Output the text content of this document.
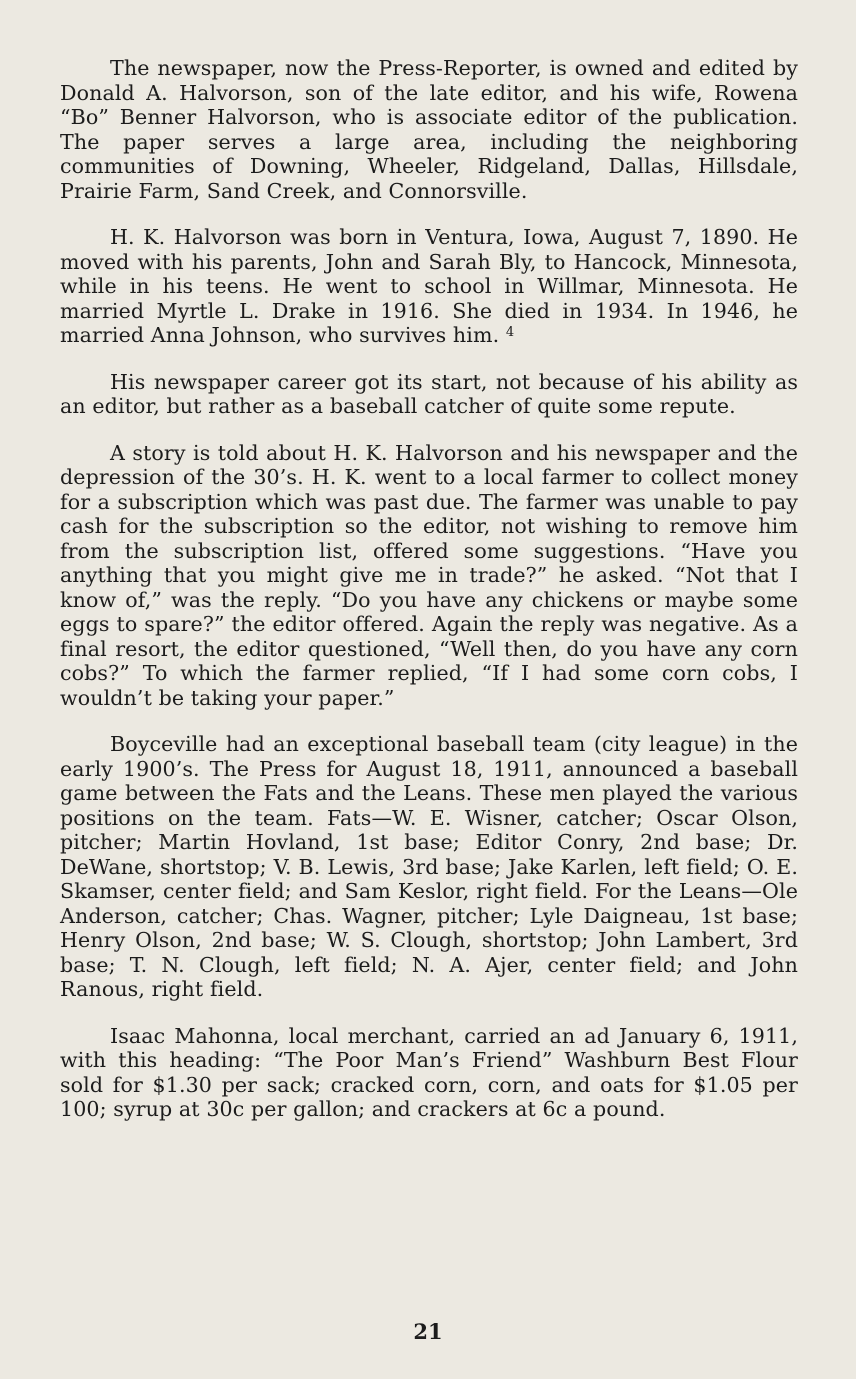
The newspaper, now the Press-Reporter, is owned and edited by Donald A. Halvorson, son of the late editor, and his wife, Rowena “Bo” Benner Halvorson, who is associate editor of the publication. The paper serves a large area, including the neighboring communities of Downing, Wheeler, Ridgeland, Dallas, Hillsdale, Prairie Farm, Sand Creek, and Connorsville.

H. K. Halvorson was born in Ventura, Iowa, August 7, 1890. He moved with his parents, John and Sarah Bly, to Hancock, Minnesota, while in his teens. He went to school in Willmar, Minnesota. He married Myrtle L. Drake in 1916. She died in 1934. In 1946, he married Anna Johnson, who survives him. $^4$

His newspaper career got its start, not because of his ability as an editor, but rather as a baseball catcher of quite some repute.

A story is told about H. K. Halvorson and his newspaper and the depression of the 30’s. H. K. went to a local farmer to collect money for a subscription which was past due. The farmer was unable to pay cash for the subscription so the editor, not wishing to remove him from the subscription list, offered some suggestions. “Have you anything that you might give me in trade?” he asked. “Not that I know of,” was the reply. “Do you have any chickens or maybe some eggs to spare?” the editor offered. Again the reply was negative. As a final resort, the editor questioned, “Well then, do you have any corn cobs?” To which the farmer replied, “If I had some corn cobs, I wouldn’t be taking your paper.”

Boyceville had an exceptional baseball team (city league) in the early 1900’s. The Press for August 18, 1911, announced a baseball game between the Fats and the Leans. These men played the various positions on the team. Fats—W. E. Wisner, catcher; Oscar Olson, pitcher; Martin Hovland, 1st base; Editor Conry, 2nd base; Dr. DeWane, shortstop; V. B. Lewis, 3rd base; Jake Karlen, left field; O. E. Skamser, center field; and Sam Keslor, right field. For the Leans—Ole Anderson, catcher; Chas. Wagner, pitcher; Lyle Daigneau, 1st base; Henry Olson, 2nd base; W. S. Clough, shortstop; John Lambert, 3rd base; T. N. Clough, left field; N. A. Ajer, center field; and John Ranous, right field.

Isaac Mahonna, local merchant, carried an ad January 6, 1911, with this heading: “The Poor Man’s Friend” Washburn Best Flour sold for $1.30 per sack; cracked corn, corn, and oats for $1.05 per 100; syrup at 30c per gallon; and crackers at 6c a pound.

21
